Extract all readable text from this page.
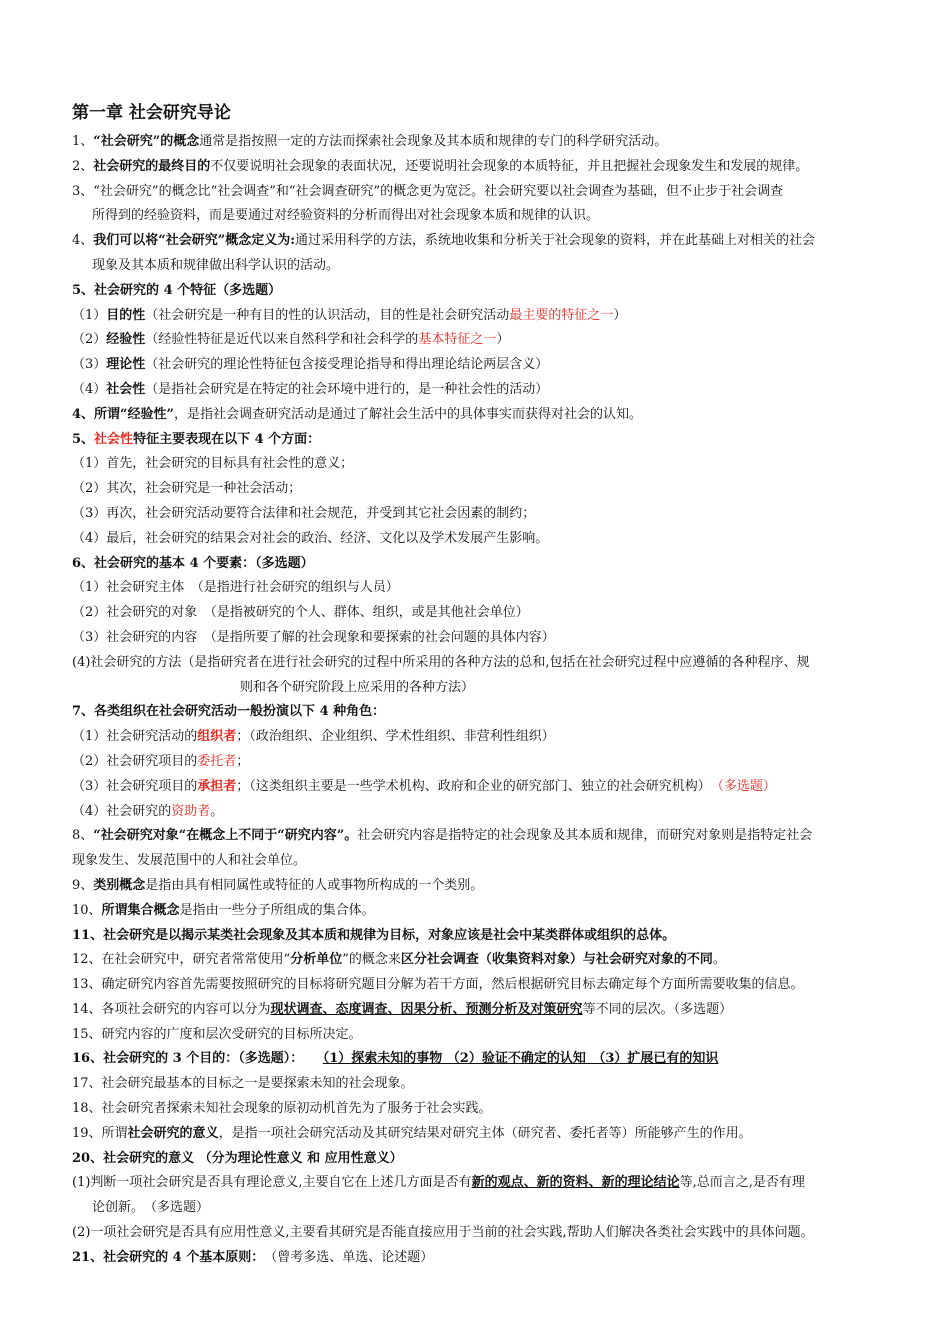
第一章 社会研究导论
1、“社会研究”的概念通常是指按照一定的方法而探索社会现象及其本质和规律的专门的科学研究活动。
2、社会研究的最终目的不仅要说明社会现象的表面状况，还要说明社会现象的本质特征，并且把握社会现象发生和发展的规律。
3、“社会研究”的概念比“社会调查”和“社会调查研究”的概念更为宽泛。社会研究要以社会调查为基础，但不止步于社会调查
所得到的经验资料，而是要通过对经验资料的分析而得出对社会现象本质和规律的认识。
4、我们可以将“社会研究”概念定义为:通过采用科学的方法，系统地收集和分析关于社会现象的资料，并在此基础上对相关的社会
现象及其本质和规律做出科学认识的活动。
5、社会研究的 4 个特征（多选题）
（1）目的性（社会研究是一种有目的性的认识活动，目的性是社会研究活动最主要的特征之一）
（2）经验性（经验性特征是近代以来自然科学和社会科学的基本特征之一）
（3）理论性（社会研究的理论性特征包含接受理论指导和得出理论结论两层含义）
（4）社会性（是指社会研究是在特定的社会环境中进行的，是一种社会性的活动）
4、所谓“经验性”，是指社会调查研究活动是通过了解社会生活中的具体事实而获得对社会的认知。
5、社会性特征主要表现在以下 4 个方面：
（1）首先，社会研究的目标具有社会性的意义；
（2）其次，社会研究是一种社会活动；
（3）再次，社会研究活动要符合法律和社会规范，并受到其它社会因素的制约；
（4）最后，社会研究的结果会对社会的政治、经济、文化以及学术发展产生影响。
6、社会研究的基本 4 个要素：（多选题）
（1）社会研究主体　（是指进行社会研究的组织与人员）
（2）社会研究的对象　（是指被研究的个人、群体、组织，或是其他社会单位）
（3）社会研究的内容　（是指所要了解的社会现象和要探索的社会问题的具体内容）
(4)社会研究的方法（是指研究者在进行社会研究的过程中所采用的各种方法的总和,包括在社会研究过程中应遵循的各种程序、规
则和各个研究阶段上应采用的各种方法）
7、各类组织在社会研究活动一般扮演以下 4 种角色：
（1）社会研究活动的组织者；（政治组织、企业组织、学术性组织、非营利性组织）
（2）社会研究项目的委托者；
（3）社会研究项目的承担者；（这类组织主要是一些学术机构、政府和企业的研究部门、独立的社会研究机构）　（多选题）
（4）社会研究的资助者。
8、“社会研究对象“在概念上不同于“研究内容”。社会研究内容是指特定的社会现象及其本质和规律，而研究对象则是指特定社会
现象发生、发展范围中的人和社会单位。
9、类别概念是指由具有相同属性或特征的人或事物所构成的一个类别。
10、所谓集合概念是指由一些分子所组成的集合体。
11、社会研究是以揭示某类社会现象及其本质和规律为目标，对象应该是社会中某类群体或组织的总体。
12、在社会研究中，研究者常常使用“分析单位”的概念来区分社会调查（收集资料对象）与社会研究对象的不同。
13、确定研究内容首先需要按照研究的目标将研究题目分解为若干方面，然后根据研究目标去确定每个方面所需要收集的信息。
14、各项社会研究的内容可以分为现状调查、态度调查、因果分析、预测分析及对策研究等不同的层次。（多选题）
15、研究内容的广度和层次受研究的目标所决定。
16、社会研究的 3 个目的：（多选题）：　　 （1）探索未知的事物 （2）验证不确定的认知　（3）扩展已有的知识
17、社会研究最基本的目标之一是要探索未知的社会现象。
18、社会研究者探索未知社会现象的原初动机首先为了服务于社会实践。
19、所谓社会研究的意义，是指一项社会研究活动及其研究结果对研究主体（研究者、委托者等）所能够产生的作用。
20、社会研究的意义 （分为理论性意义 和 应用性意义）
(1)判断一项社会研究是否具有理论意义,主要自它在上述几方面是否有新的观点、新的资料、新的理论结论等,总而言之,是否有理
论创新。　（多选题）
(2)一项社会研究是否具有应用性意义,主要看其研究是否能直接应用于当前的社会实践,帮助人们解决各类社会实践中的具体问题。
21、社会研究的 4 个基本原则：　（曾考多选、单选、论述题）
